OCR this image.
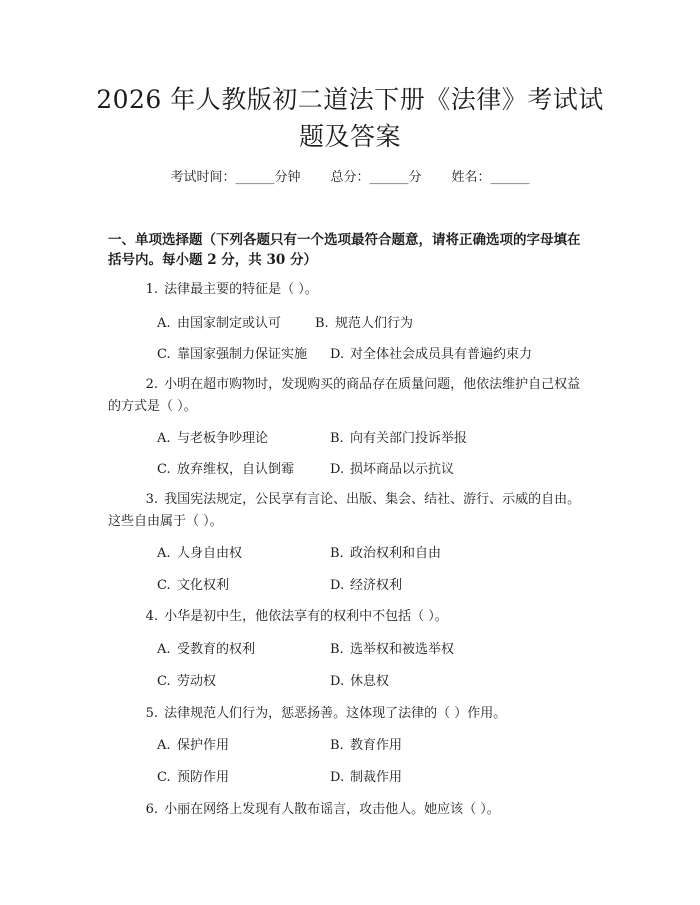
2026 年人教版初二道法下册《法律》考试试
题及答案
考试时间：______分钟 总分：______分 姓名：______
一、单项选择题（下列各题只有一个选项最符合题意，请将正确选项的字母填在
括号内。每小题 2 分，共 30 分）
1. 法律最主要的特征是（ ）。
A. 由国家制定或认可	B. 规范人们行为
C. 靠国家强制力保证实施 D. 对全体社会成员具有普遍约束力
2. 小明在超市购物时，发现购买的商品存在质量问题，他依法维护自己权益
的方式是（ ）。
A. 与老板争吵理论	B. 向有关部门投诉举报
C. 放弃维权，自认倒霉	D. 损坏商品以示抗议
3. 我国宪法规定，公民享有言论、出版、集会、结社、游行、示威的自由。
这些自由属于（ ）。
A. 人身自由权	B. 政治权利和自由
C. 文化权利	D. 经济权利
4. 小华是初中生，他依法享有的权利中不包括（ ）。
A. 受教育的权利	B. 选举权和被选举权
C. 劳动权	D. 休息权
5. 法律规范人们行为，惩恶扬善。这体现了法律的（ ）作用。
A. 保护作用	B. 教育作用
C. 预防作用	D. 制裁作用
6. 小丽在网络上发现有人散布谣言，攻击他人。她应该（ ）。
